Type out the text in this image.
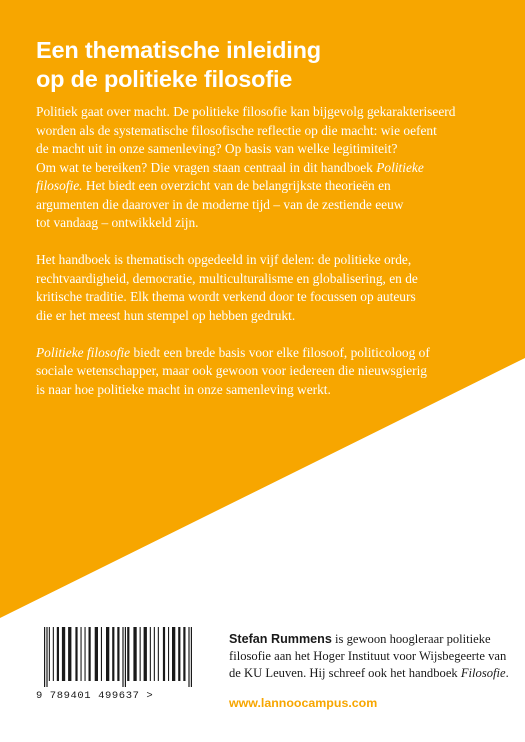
Een thematische inleiding
op de politieke filosofie

Politiek gaat over macht. De politieke filosofie kan bijgevolg gekarakteriseerd
worden als de systematische filosofische reflectie op die macht: wie oefent
de macht uit in onze samenleving? Op basis van welke legitimiteit?
Om wat te bereiken? Die vragen staan centraal in dit handboek Politieke
filosofie. Het biedt een overzicht van de belangrijkste theorieën en
argumenten die daarover in de moderne tijd – van de zestiende eeuw
tot vandaag – ontwikkeld zijn.

Het handboek is thematisch opgedeeld in vijf delen: de politieke orde,
rechtvaardigheid, democratie, multiculturalisme en globalisering, en de
kritische traditie. Elk thema wordt verkend door te focussen op auteurs
die er het meest hun stempel op hebben gedrukt.

Politieke filosofie biedt een brede basis voor elke filosoof, politicoloog of
sociale wetenschapper, maar ook gewoon voor iedereen die nieuwsgierig
is naar hoe politieke macht in onze samenleving werkt.

9 789401 499637 >
Stefan Rummens is gewoon hoogleraar politieke
filosofie aan het Hoger Instituut voor Wijsbegeerte van
de KU Leuven. Hij schreef ook het handboek Filosofie.
www.lannoocampus.com
